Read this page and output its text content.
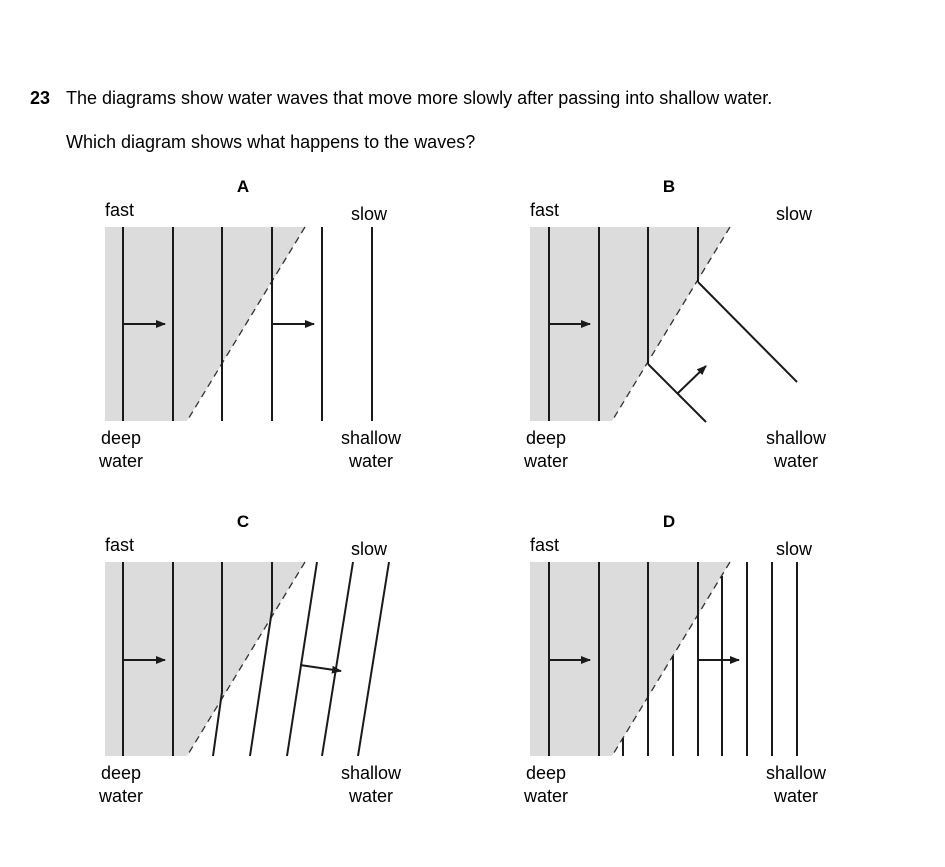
23 The diagrams show water waves that move more slowly after passing into shallow water.
Which diagram shows what happens to the waves?
A
fast	slow
deep
water
shallow
water
B
fast	slow
deep
water
shallow
water
C
fast	slow
deep
water
shallow
water
D
fast	slow
deep
water
shallow
water
